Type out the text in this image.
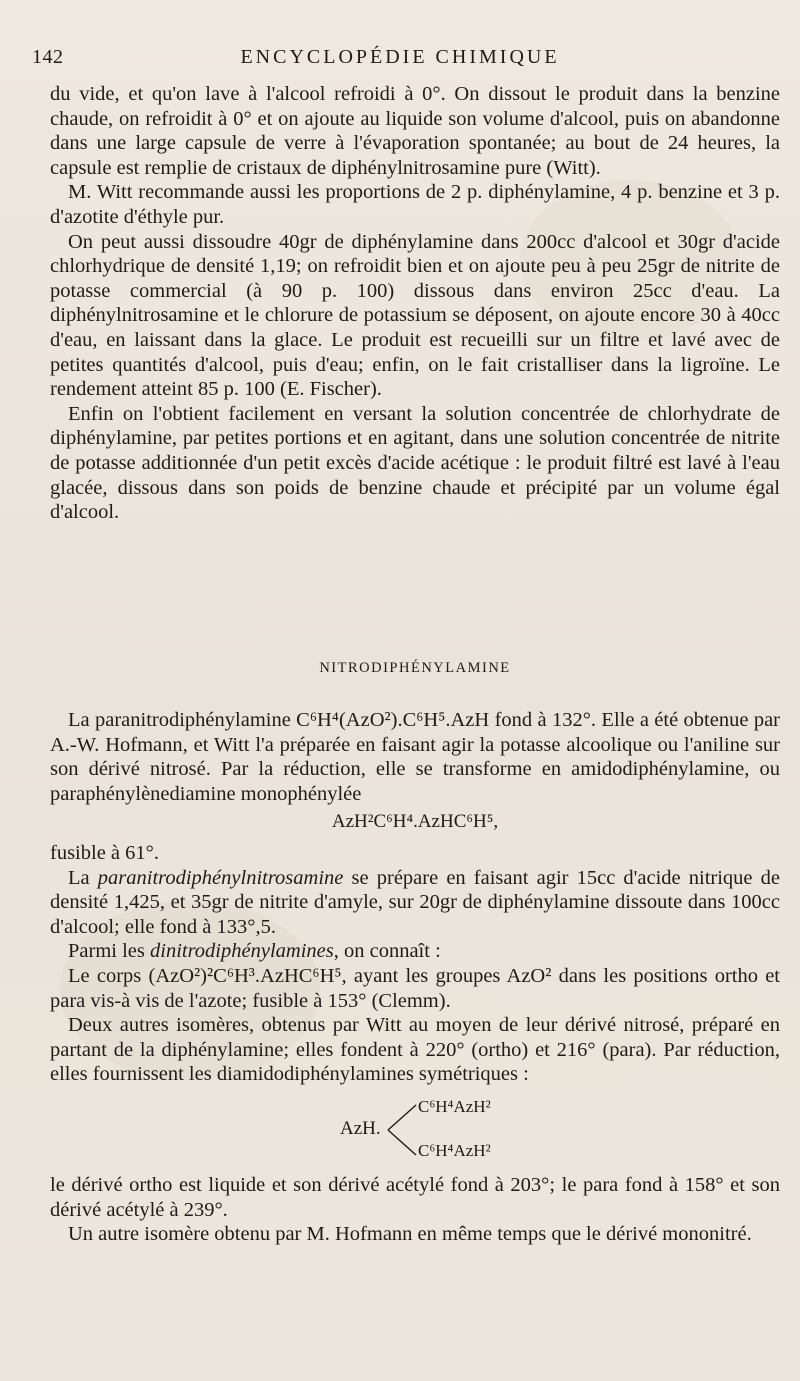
142	ENCYCLOPÉDIE CHIMIQUE

du vide, et qu'on lave à l'alcool refroidi à 0°. On dissout le produit dans la benzine chaude, on refroidit à 0° et on ajoute au liquide son volume d'alcool, puis on abandonne dans une large capsule de verre à l'évaporation spontanée; au bout de 24 heures, la capsule est remplie de cristaux de diphénylnitrosamine pure (Witt).

M. Witt recommande aussi les proportions de 2 p. diphénylamine, 4 p. benzine et 3 p. d'azotite d'éthyle pur.

On peut aussi dissoudre 40gr de diphénylamine dans 200cc d'alcool et 30gr d'acide chlorhydrique de densité 1,19; on refroidit bien et on ajoute peu à peu 25gr de nitrite de potasse commercial (à 90 p. 100) dissous dans environ 25cc d'eau. La diphénylnitrosamine et le chlorure de potassium se déposent, on ajoute encore 30 à 40cc d'eau, en laissant dans la glace. Le produit est recueilli sur un filtre et lavé avec de petites quantités d'alcool, puis d'eau; enfin, on le fait cristalliser dans la ligroïne. Le rendement atteint 85 p. 100 (E. Fischer).

Enfin on l'obtient facilement en versant la solution concentrée de chlorhydrate de diphénylamine, par petites portions et en agitant, dans une solution concentrée de nitrite de potasse additionnée d'un petit excès d'acide acétique : le produit filtré est lavé à l'eau glacée, dissous dans son poids de benzine chaude et précipité par un volume égal d'alcool.

NITRODIPHÉNYLAMINE

La paranitrodiphénylamine C⁶H⁴(AzO²).C⁶H⁵.AzH fond à 132°. Elle a été obtenue par A.-W. Hofmann, et Witt l'a préparée en faisant agir la potasse alcoolique ou l'aniline sur son dérivé nitrosé. Par la réduction, elle se transforme en amidodiphénylamine, ou paraphénylènediamine monophénylée

AzH²C⁶H⁴.AzHC⁶H⁵,

fusible à 61°.

La paranitrodiphénylnitrosamine se prépare en faisant agir 15cc d'acide nitrique de densité 1,425, et 35gr de nitrite d'amyle, sur 20gr de diphénylamine dissoute dans 100cc d'alcool; elle fond à 133°,5.

Parmi les dinitrodiphénylamines, on connaît :

Le corps (AzO²)²C⁶H³.AzHC⁶H⁵, ayant les groupes AzO² dans les positions ortho et para vis-à vis de l'azote; fusible à 153° (Clemm).

Deux autres isomères, obtenus par Witt au moyen de leur dérivé nitrosé, préparé en partant de la diphénylamine; elles fondent à 220° (ortho) et 216° (para). Par réduction, elles fournissent les diamidodiphénylamines symétriques :

AzH.
C⁶H⁴AzH²
C⁶H⁴AzH²

le dérivé ortho est liquide et son dérivé acétylé fond à 203°; le para fond à 158° et son dérivé acétylé à 239°.

Un autre isomère obtenu par M. Hofmann en même temps que le dérivé mononitré.
